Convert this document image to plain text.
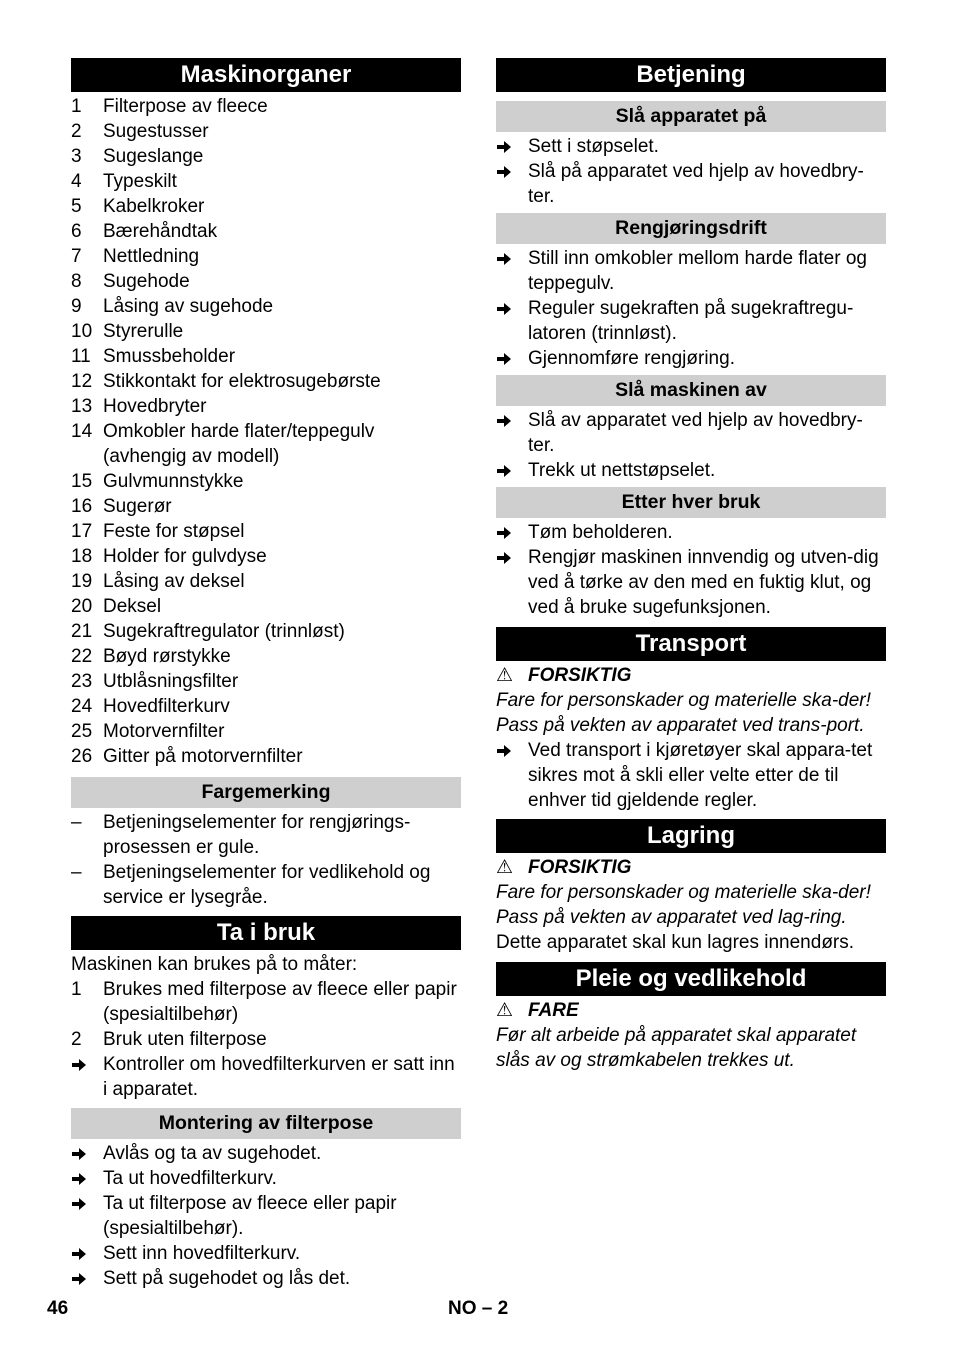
Maskinorganer
1	Filterpose av fleece
2	Sugestusser
3	Sugeslange
4	Typeskilt
5	Kabelkroker
6	Bærehåndtak
7	Nettledning
8	Sugehode
9	Låsing av sugehode
10 Styrerulle
11 Smussbeholder
12 Stikkontakt for elektrosugebørste
13 Hovedbryter
14 Omkobler harde flater/teppegulv (avhengig av modell)
15 Gulvmunnstykke
16 Sugerør
17 Feste for støpsel
18 Holder for gulvdyse
19 Låsing av deksel
20 Deksel
21 Sugekraftregulator (trinnløst)
22 Bøyd rørstykke
23 Utblåsningsfilter
24 Hovedfilterkurv
25 Motorvernfilter
26 Gitter på motorvernfilter
Fargemerking
–	Betjeningselementer for rengjørings-prosessen er gule.
–	Betjeningselementer for vedlikehold og service er lysegråe.
Ta i bruk
Maskinen kan brukes på to måter:
1	Brukes med filterpose av fleece eller papir (spesialtilbehør)
2	Bruk uten filterpose
Kontroller om hovedfilterkurven er satt inn i apparatet.
Montering av filterpose
Avlås og ta av sugehodet.
Ta ut hovedfilterkurv.
Ta ut filterpose av fleece eller papir (spesialtilbehør).
Sett inn hovedfilterkurv.
Sett på sugehodet og lås det.
Betjening
Slå apparatet på
Sett i støpselet.
Slå på apparatet ved hjelp av hovedbry-ter.
Rengjøringsdrift
Still inn omkobler mellom harde flater og teppegulv.
Reguler sugekraften på sugekraftregu-latoren (trinnløst).
Gjennomføre rengjøring.
Slå maskinen av
Slå av apparatet ved hjelp av hovedbry-ter.
Trekk ut nettstøpselet.
Etter hver bruk
Tøm beholderen.
Rengjør maskinen innvendig og utven-dig ved å tørke av den med en fuktig klut, og ved å bruke sugefunksjonen.
Transport
⚠ FORSIKTIG
Fare for personskader og materielle ska-der! Pass på vekten av apparatet ved trans-port.
Ved transport i kjøretøyer skal appara-tet sikres mot å skli eller velte etter de til enhver tid gjeldende regler.
Lagring
⚠ FORSIKTIG
Fare for personskader og materielle ska-der! Pass på vekten av apparatet ved lag-ring.
Dette apparatet skal kun lagres innendørs.
Pleie og vedlikehold
⚠ FARE
Før alt arbeide på apparatet skal apparatet slås av og strømkabelen trekkes ut.
46	NO – 2
